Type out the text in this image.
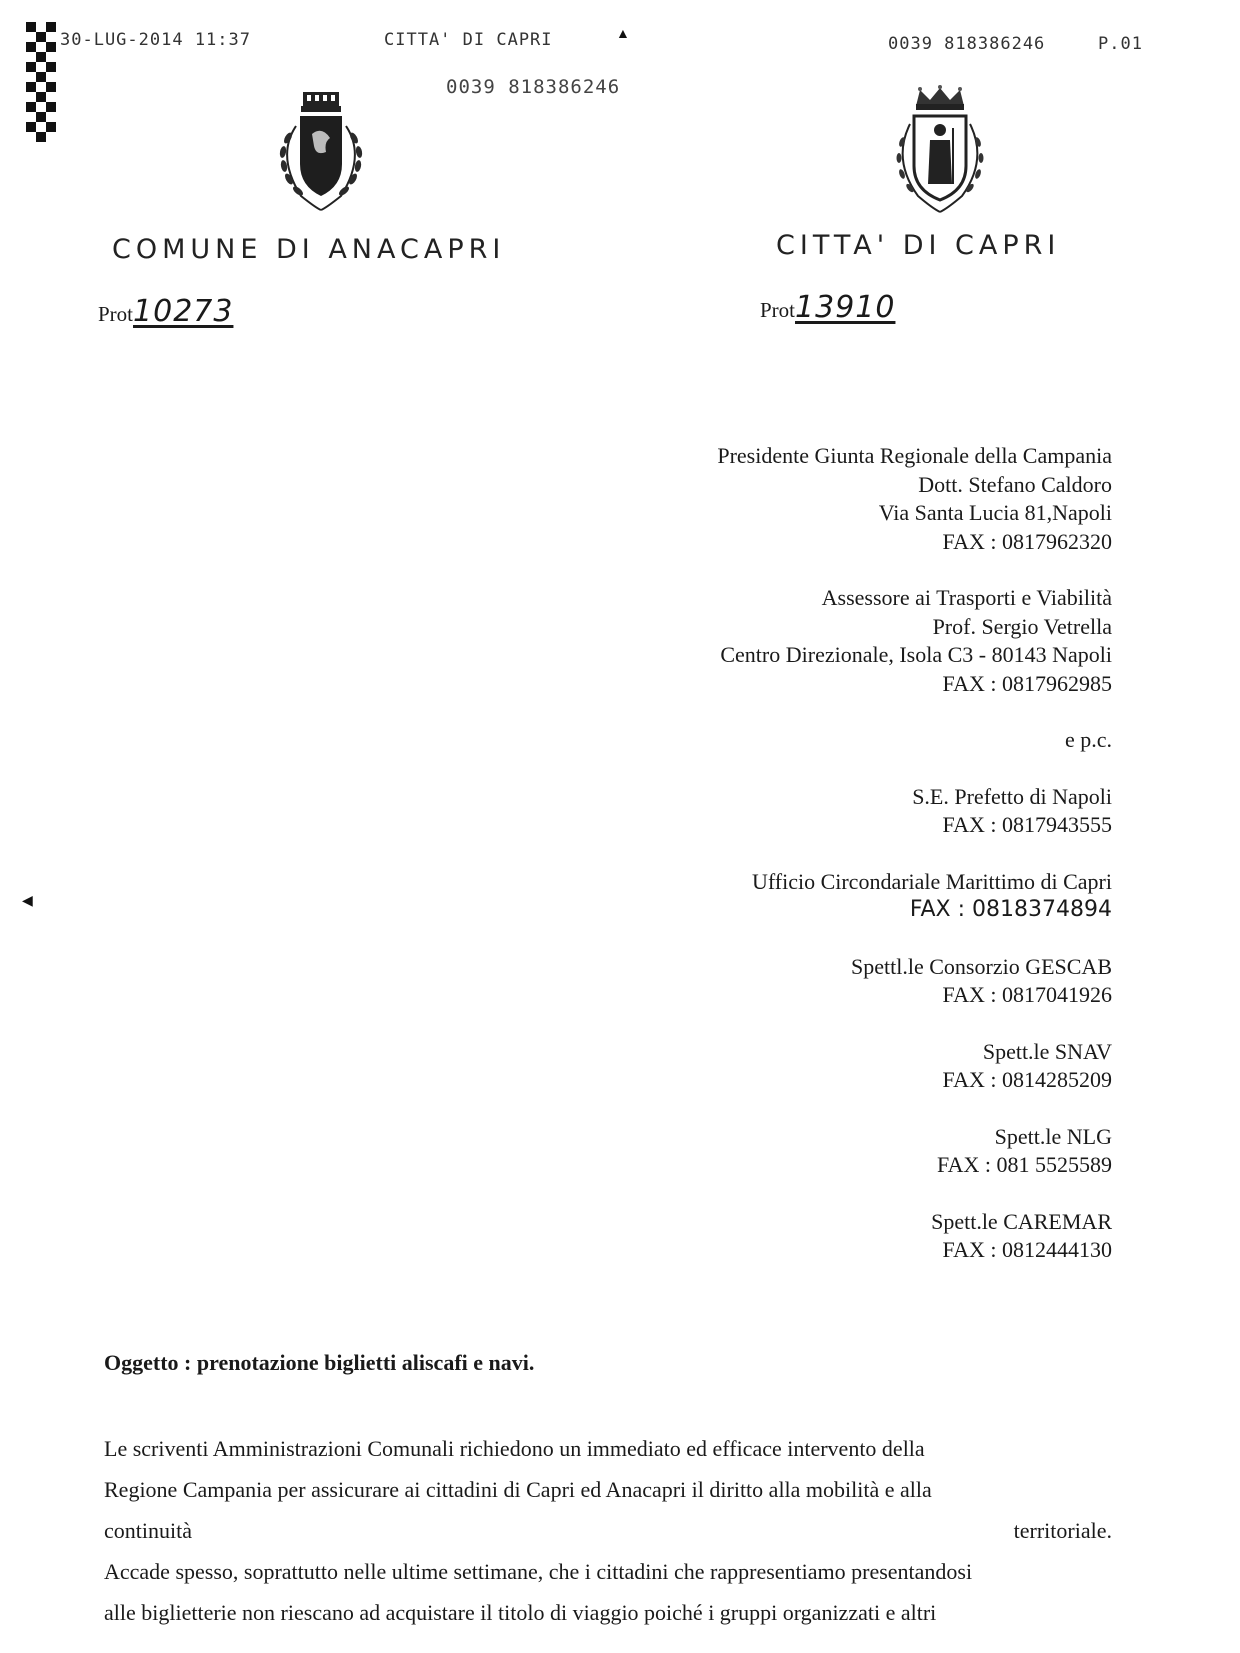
30-LUG-2014 11:37	CITTA' DI CAPRI	▲	0039 818386246	P.01
0039 818386246
COMUNE DI ANACAPRI	CITTA' DI CAPRI
Prot10273	Prot13910
Presidente Giunta Regionale della Campania
Dott. Stefano Caldoro
Via Santa Lucia 81,Napoli
FAX : 0817962320
Assessore ai Trasporti e Viabilità
Prof. Sergio Vetrella
Centro Direzionale, Isola C3 - 80143 Napoli
FAX : 0817962985
e p.c.
S.E. Prefetto di Napoli
FAX : 0817943555
Ufficio Circondariale Marittimo di Capri
FAX : 0818374894
Spettl.le Consorzio GESCAB
FAX : 0817041926
Spett.le SNAV
FAX : 0814285209
Spett.le NLG
FAX : 081 5525589
Spett.le CAREMAR
FAX : 0812444130
◀
Oggetto : prenotazione biglietti aliscafi e navi.

Le scriventi Amministrazioni Comunali richiedono un immediato ed efficace intervento della

Regione Campania per assicurare ai cittadini di Capri ed Anacapri il diritto alla mobilità e alla

continuità	territoriale.

Accade spesso, soprattutto nelle ultime settimane, che i cittadini che rappresentiamo presentandosi

alle biglietterie non riescano ad acquistare il titolo di viaggio poiché i gruppi organizzati e altri
